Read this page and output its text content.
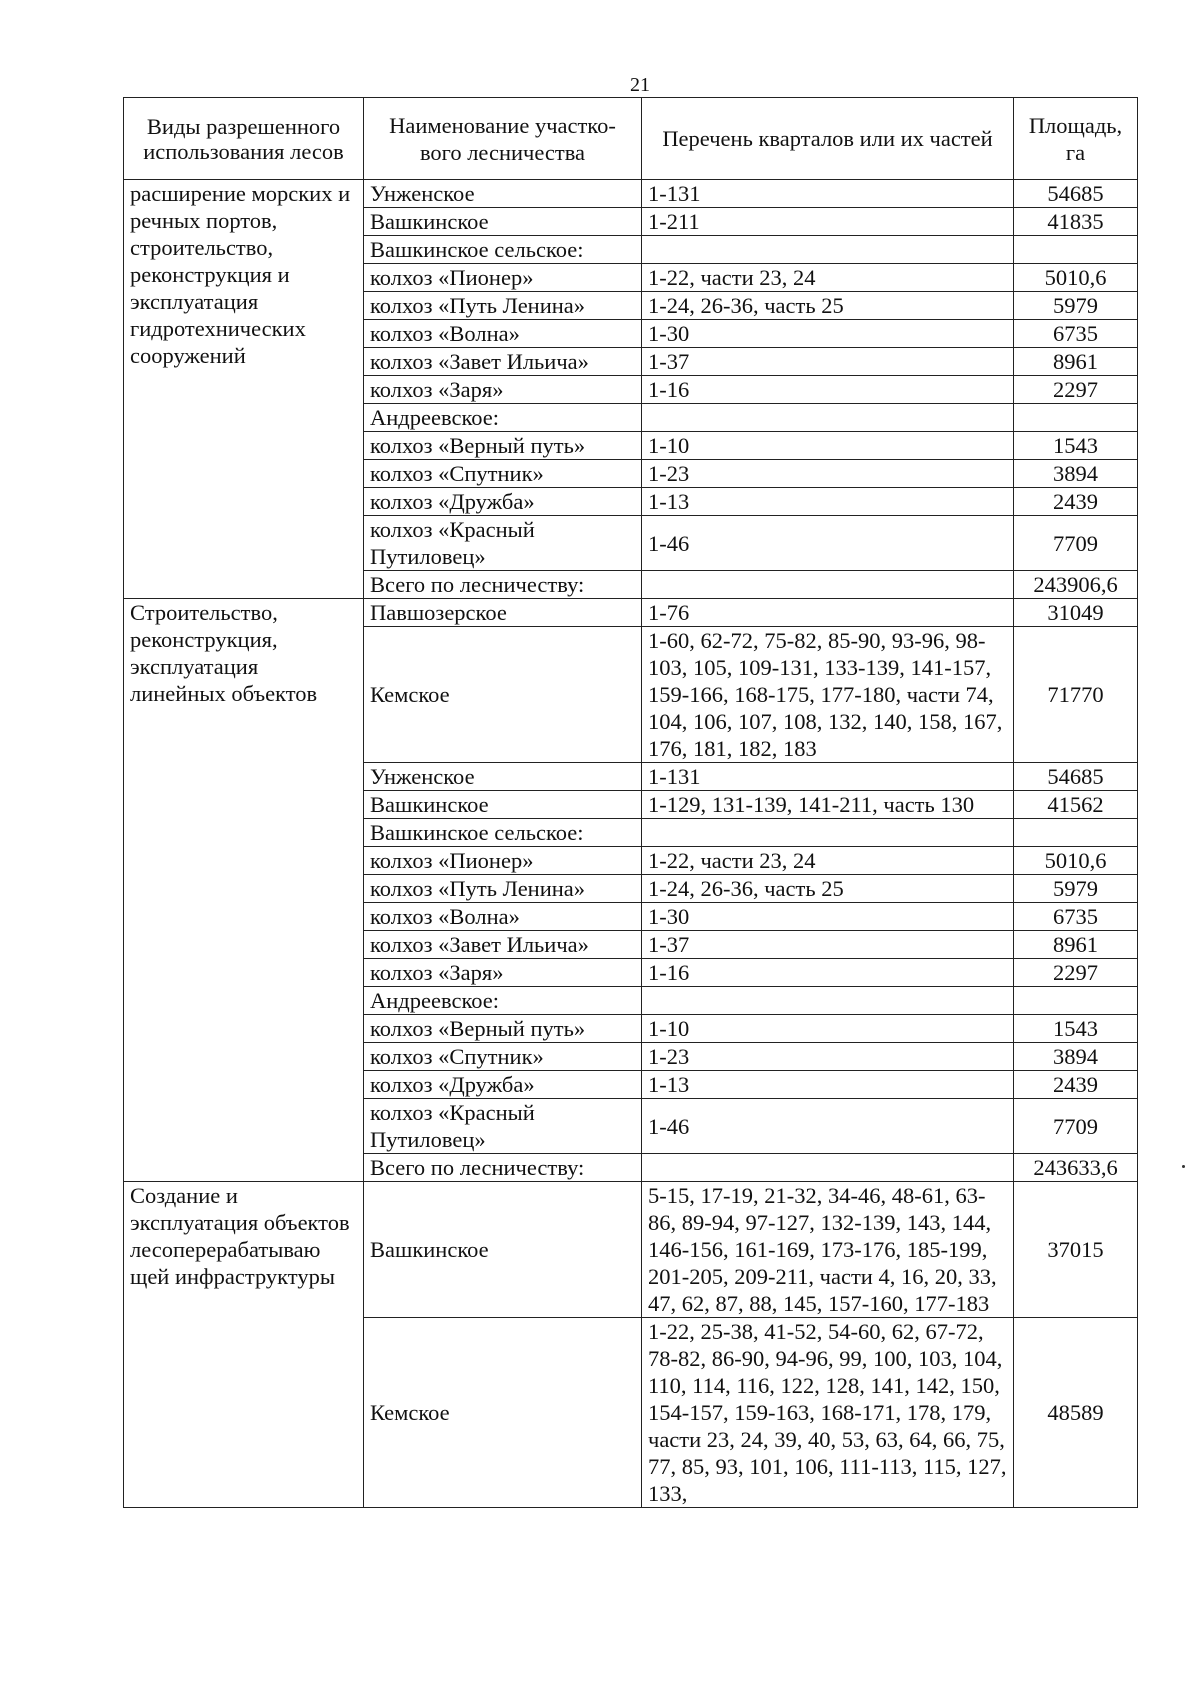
21
Виды разрешенного использования лесов	Наименование участко-вого лесничества	Перечень кварталов или их частей	Площадь, га
расширение морских и речных портов, строительство, реконструкция и эксплуатация гидротехнических сооружений	Унженское	1-131	54685
	Вашкинское	1-211	41835
	Вашкинское сельское:		
	колхоз «Пионер»	1-22, части 23, 24	5010,6
	колхоз «Путь Ленина»	1-24, 26-36, часть 25	5979
	колхоз «Волна»	1-30	6735
	колхоз «Завет Ильича»	1-37	8961
	колхоз «Заря»	1-16	2297
	Андреевское:		
	колхоз «Верный путь»	1-10	1543
	колхоз «Спутник»	1-23	3894
	колхоз «Дружба»	1-13	2439
	колхоз «Красный Путиловец»	1-46	7709
	Всего по лесничеству:		243906,6
Строительство, реконструкция, эксплуатация линейных объектов	Павшозерское	1-76	31049
	Кемское	1-60, 62-72, 75-82, 85-90, 93-96, 98-103, 105, 109-131, 133-139, 141-157, 159-166, 168-175, 177-180, части 74, 104, 106, 107, 108, 132, 140, 158, 167, 176, 181, 182, 183	71770
	Унженское	1-131	54685
	Вашкинское	1-129, 131-139, 141-211, часть 130	41562
	Вашкинское сельское:		
	колхоз «Пионер»	1-22, части 23, 24	5010,6
	колхоз «Путь Ленина»	1-24, 26-36, часть 25	5979
	колхоз «Волна»	1-30	6735
	колхоз «Завет Ильича»	1-37	8961
	колхоз «Заря»	1-16	2297
	Андреевское:		
	колхоз «Верный путь»	1-10	1543
	колхоз «Спутник»	1-23	3894
	колхоз «Дружба»	1-13	2439
	колхоз «Красный Путиловец»	1-46	7709
	Всего по лесничеству:		243633,6
Создание и эксплуатация объектов лесоперерабатываю щей инфраструктуры	Вашкинское	5-15, 17-19, 21-32, 34-46, 48-61, 63-86, 89-94, 97-127, 132-139, 143, 144, 146-156, 161-169, 173-176, 185-199, 201-205, 209-211, части 4, 16, 20, 33, 47, 62, 87, 88, 145, 157-160, 177-183	37015
	Кемское	1-22, 25-38, 41-52, 54-60, 62, 67-72, 78-82, 86-90, 94-96, 99, 100, 103, 104, 110, 114, 116, 122, 128, 141, 142, 150, 154-157, 159-163, 168-171, 178, 179, части 23, 24, 39, 40, 53, 63, 64, 66, 75, 77, 85, 93, 101, 106, 111-113, 115, 127, 133,	48589
